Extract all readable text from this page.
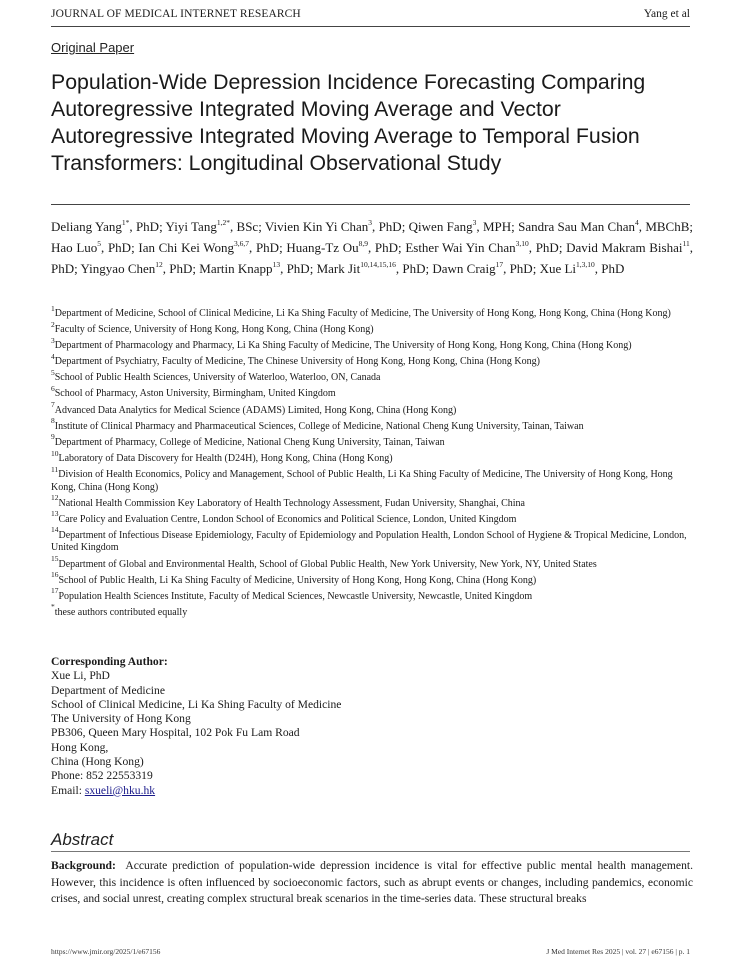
JOURNAL OF MEDICAL INTERNET RESEARCH	Yang et al
Original Paper
Population-Wide Depression Incidence Forecasting Comparing Autoregressive Integrated Moving Average and Vector Autoregressive Integrated Moving Average to Temporal Fusion Transformers: Longitudinal Observational Study
Deliang Yang$^{1*}$, PhD; Yiyi Tang$^{1,2*}$, BSc; Vivien Kin Yi Chan$^3$, PhD; Qiwen Fang$^3$, MPH; Sandra Sau Man Chan$^4$, MBChB; Hao Luo$^5$, PhD; Ian Chi Kei Wong$^{3,6,7}$, PhD; Huang-Tz Ou$^{8,9}$, PhD; Esther Wai Yin Chan$^{3,10}$, PhD; David Makram Bishai$^{11}$, PhD; Yingyao Chen$^{12}$, PhD; Martin Knapp$^{13}$, PhD; Mark Jit$^{10,14,15,16}$, PhD; Dawn Craig$^{17}$, PhD; Xue Li$^{1,3,10}$, PhD
$^1$Department of Medicine, School of Clinical Medicine, Li Ka Shing Faculty of Medicine, The University of Hong Kong, Hong Kong, China (Hong Kong)
$^2$Faculty of Science, University of Hong Kong, Hong Kong, China (Hong Kong)
$^3$Department of Pharmacology and Pharmacy, Li Ka Shing Faculty of Medicine, The University of Hong Kong, Hong Kong, China (Hong Kong)
$^4$Department of Psychiatry, Faculty of Medicine, The Chinese University of Hong Kong, Hong Kong, China (Hong Kong)
$^5$School of Public Health Sciences, University of Waterloo, Waterloo, ON, Canada
$^6$School of Pharmacy, Aston University, Birmingham, United Kingdom
$^7$Advanced Data Analytics for Medical Science (ADAMS) Limited, Hong Kong, China (Hong Kong)
$^8$Institute of Clinical Pharmacy and Pharmaceutical Sciences, College of Medicine, National Cheng Kung University, Tainan, Taiwan
$^9$Department of Pharmacy, College of Medicine, National Cheng Kung University, Tainan, Taiwan
$^{10}$Laboratory of Data Discovery for Health (D24H), Hong Kong, China (Hong Kong)
$^{11}$Division of Health Economics, Policy and Management, School of Public Health, Li Ka Shing Faculty of Medicine, The University of Hong Kong, Hong Kong, China (Hong Kong)
$^{12}$National Health Commission Key Laboratory of Health Technology Assessment, Fudan University, Shanghai, China
$^{13}$Care Policy and Evaluation Centre, London School of Economics and Political Science, London, United Kingdom
$^{14}$Department of Infectious Disease Epidemiology, Faculty of Epidemiology and Population Health, London School of Hygiene & Tropical Medicine, London, United Kingdom
$^{15}$Department of Global and Environmental Health, School of Global Public Health, New York University, New York, NY, United States
$^{16}$School of Public Health, Li Ka Shing Faculty of Medicine, University of Hong Kong, Hong Kong, China (Hong Kong)
$^{17}$Population Health Sciences Institute, Faculty of Medical Sciences, Newcastle University, Newcastle, United Kingdom
*these authors contributed equally
Corresponding Author:
Xue Li, PhD
Department of Medicine
School of Clinical Medicine, Li Ka Shing Faculty of Medicine
The University of Hong Kong
PB306, Queen Mary Hospital, 102 Pok Fu Lam Road
Hong Kong,
China (Hong Kong)
Phone: 852 22553319
Email: sxueli@hku.hk
Abstract
Background: Accurate prediction of population-wide depression incidence is vital for effective public mental health management. However, this incidence is often influenced by socioeconomic factors, such as abrupt events or changes, including pandemics, economic crises, and social unrest, creating complex structural break scenarios in the time-series data. These structural breaks
https://www.jmir.org/2025/1/e67156	J Med Internet Res 2025 | vol. 27 | e67156 | p. 1
